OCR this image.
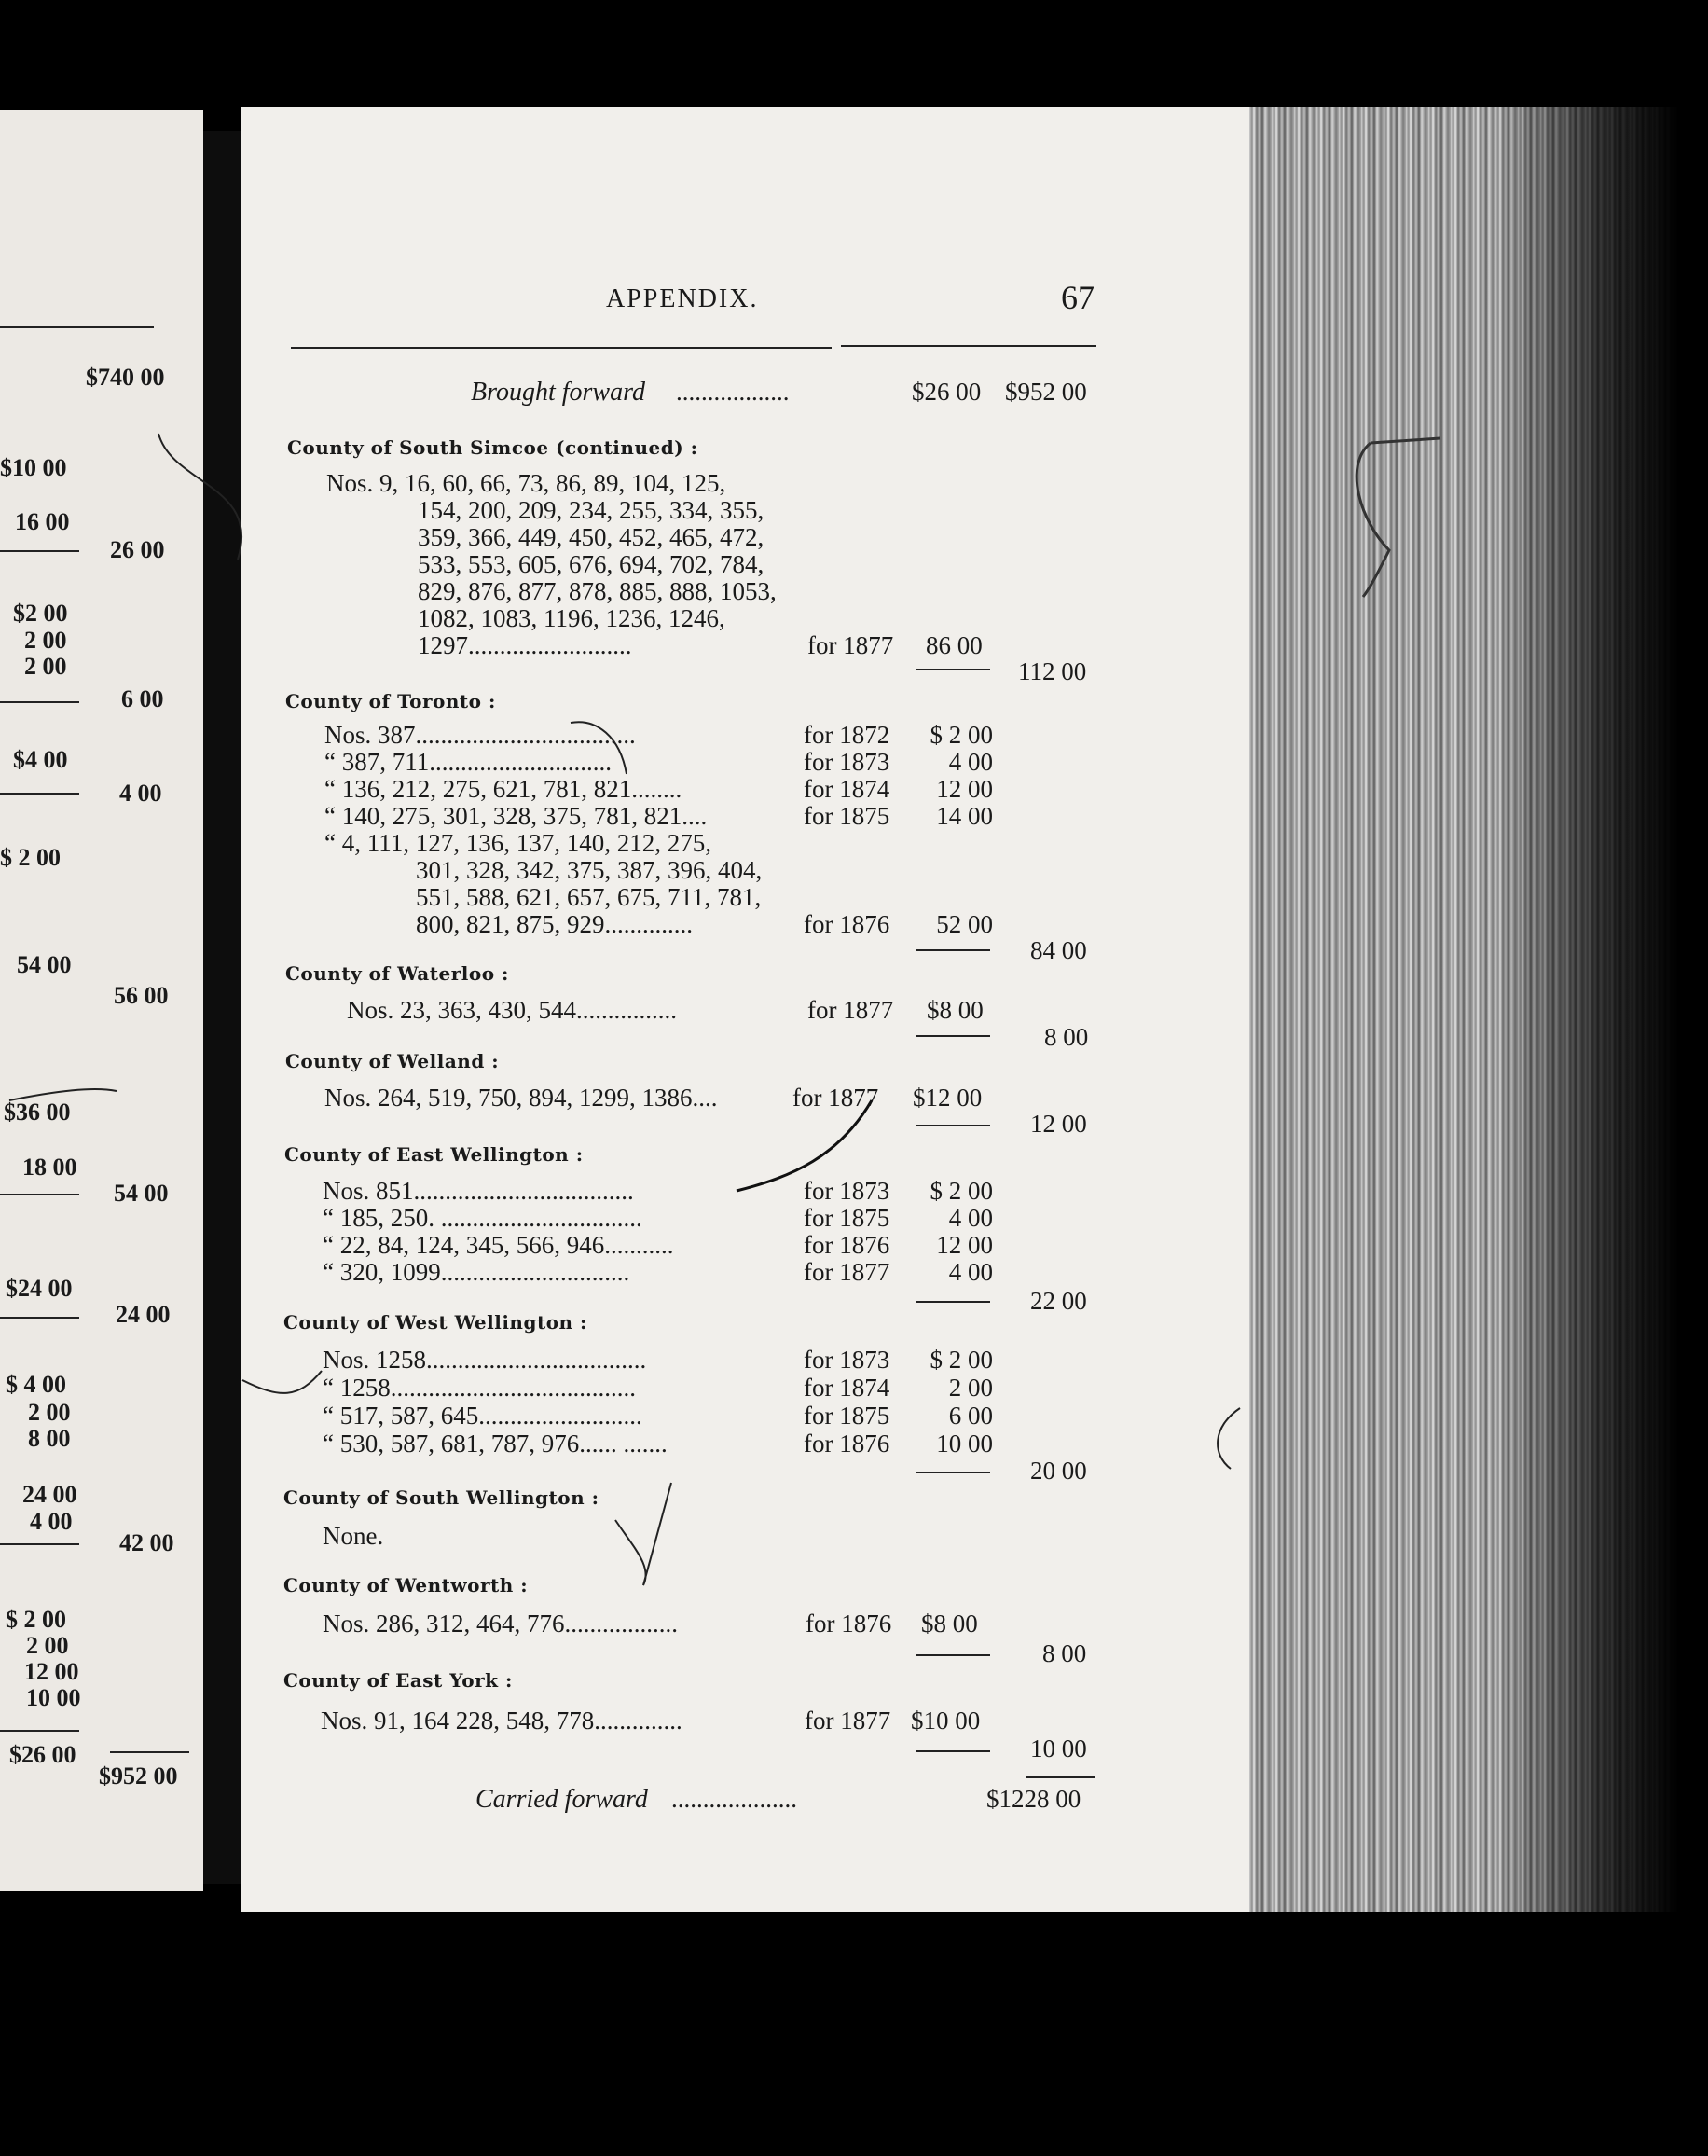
$740 00
$10 00
16 00
26 00
$2 00
2 00
2 00
6 00
$4 00
4 00
$ 2 00
54 00
56 00
$36 00
18 00
54 00
$24 00
24 00
$ 4 00
2 00
8 00
24 00
4 00
42 00
$ 2 00
2 00
12 00
10 00
$26 00
$952 00
APPENDIX.	67
Brought forward ..................	$26 00 $952 00
County of South Simcoe (continued) :
Nos. 9, 16, 60, 66, 73, 86, 89, 104, 125,
154, 200, 209, 234, 255, 334, 355,
359, 366, 449, 450, 452, 465, 472,
533, 553, 605, 676, 694, 702, 784,
829, 876, 877, 878, 885, 888, 1053,
1082, 1083, 1196, 1236, 1246,
1297..........................	for 1877 86 00
112 00
County of Toronto :
Nos. 387...................................	for 1872	$ 2 00
“ 387, 711.............................	for 1873	4 00
“ 136, 212, 275, 621, 781, 821........	for 1874	12 00
“ 140, 275, 301, 328, 375, 781, 821....	for 1875	14 00
“ 4, 111, 127, 136, 137, 140, 212, 275,
301, 328, 342, 375, 387, 396, 404,
551, 588, 621, 657, 675, 711, 781,
800, 821, 875, 929..............	for 1876	52 00
84 00
County of Waterloo :
Nos. 23, 363, 430, 544................	for 1877 $8 00
8 00
County of Welland :
Nos. 264, 519, 750, 894, 1299, 1386....	for 1877 $12 00
12 00
County of East Wellington :
Nos. 851...................................	for 1873	$ 2 00
“ 185, 250. ................................	for 1875	4 00
“ 22, 84, 124, 345, 566, 946...........	for 1876	12 00
“ 320, 1099..............................	for 1877	4 00
22 00
County of West Wellington :
Nos. 1258...................................	for 1873	$ 2 00
“ 1258.......................................	for 1874	2 00
“ 517, 587, 645..........................	for 1875	6 00
“ 530, 587, 681, 787, 976...... .......	for 1876	10 00
20 00
County of South Wellington :
None.
County of Wentworth :
Nos. 286, 312, 464, 776..................	for 1876 $8 00
8 00
County of East York :
Nos. 91, 164 228, 548, 778..............	for 1877 $10 00
10 00
Carried forward ....................	$1228 00
